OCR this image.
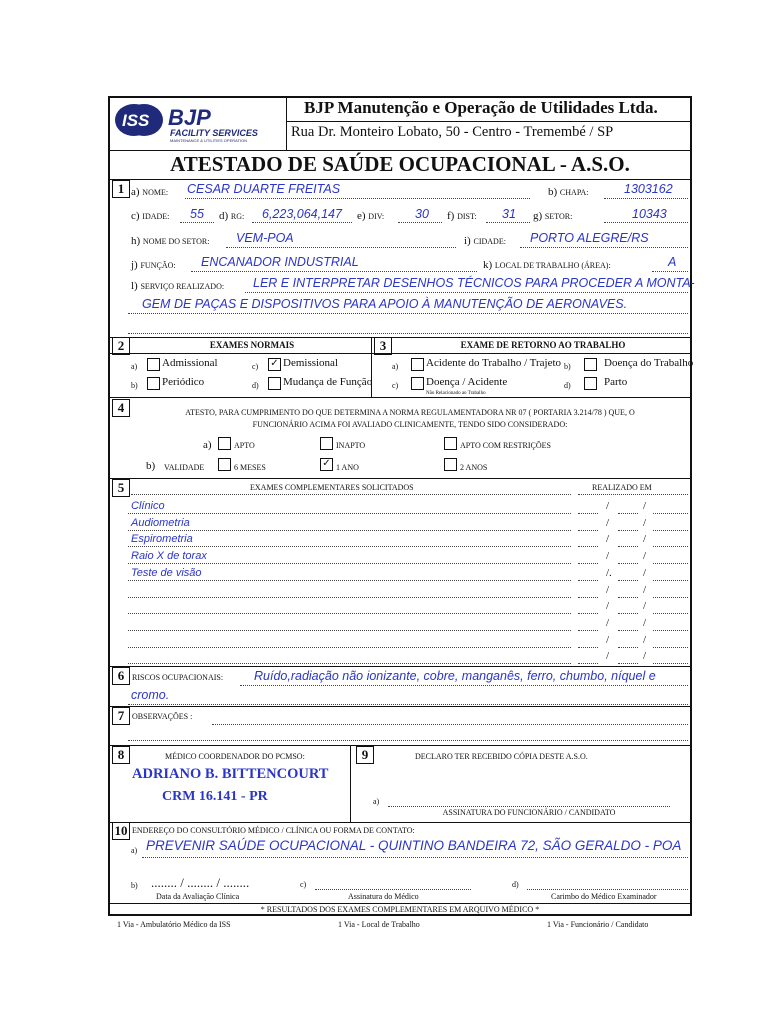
ISS BJP
FACILITY SERVICES
MAINTENANCE & UTILITIES OPERATION
BJP Manutenção e Operação de Utilidades Ltda.
Rua Dr. Monteiro Lobato, 50 - Centro - Tremembé / SP
ATESTADO DE SAÚDE OCUPACIONAL - A.S.O.
1 a) NOME: CESAR DUARTE FREITAS	b) CHAPA:	1303162
c) IDADE: 55 d) RG: 6,223,064,147 e) DIV: 30 f) DIST: 31 g) SETOR:	10343
h) NOME DO SETOR: VEM-POA	i) CIDADE: PORTO ALEGRE/RS
j) FUNÇÃO: ENCANADOR INDUSTRIAL	k) LOCAL DE TRABALHO (ÁREA):	A
l) SERVIÇO REALIZADO: LER E INTERPRETAR DESENHOS TÉCNICOS PARA PROCEDER A MONTA-
GEM DE PAÇAS E DISPOSITIVOS PARA APOIO À MANUTENÇÃO DE AERONAVES.
2	EXAMES NORMAIS	3	EXAME DE RETORNO AO TRABALHO
a) Admissional	c) ✓ Demissional
b) Periódico	d) Mudança de Função
a)	Acidente do Trabalho / Trajeto b)	Doença do Trabalho
c)	Doença / Acidente
Não Relacionado ao Trabalho
d)	Parto
4	ATESTO, PARA CUMPRIMENTO DO QUE DETERMINA A NORMA REGULAMENTADORA NR 07 ( PORTARIA 3.214/78 ) QUE, O
FUNCIONÁRIO ACIMA FOI AVALIADO CLINICAMENTE, TENDO SIDO CONSIDERADO:
a)	APTO	INAPTO	APTO COM RESTRIÇÕES
b) VALIDADE	6 MESES	✓ 1 ANO	2 ANOS
5	EXAMES COMPLEMENTARES SOLICITADOS	REALIZADO EM
Clínico	/	/
Audiometria	/	/
Espirometria	/	/
Raio X de torax	/	/
Teste de visão	/.	/
/	/
/	/
/	/
/	/
/	/
6 RISCOS OCUPACIONAIS: Ruído,radiação não ionizante, cobre, manganês, ferro, chumbo, níquel e
cromo.
7 OBSERVAÇÕES :
8	MÉDICO COORDENADOR DO PCMSO:
ADRIANO B. BITTENCOURT
CRM 16.141 - PR
9	DECLARO TER RECEBIDO CÓPIA DESTE A.S.O.
a)
ASSINATURA DO FUNCIONÁRIO / CANDIDATO
10 ENDEREÇO DO CONSULTÓRIO MÉDICO / CLÍNICA OU FORMA DE CONTATO:
a) PREVENIR SAÚDE OCUPACIONAL - QUINTINO BANDEIRA 72, SÃO GERALDO - POA
b) ........ / ........ / ........
Data da Avaliação Clínica
c)
Assinatura do Médico
d)
Carimbo do Médico Examinador
* RESULTADOS DOS EXAMES COMPLEMENTARES EM ARQUIVO MÉDICO *
1 Via - Ambulatório Médico da ISS	1 Via - Local de Trabalho	1 Via - Funcionário / Candidato
